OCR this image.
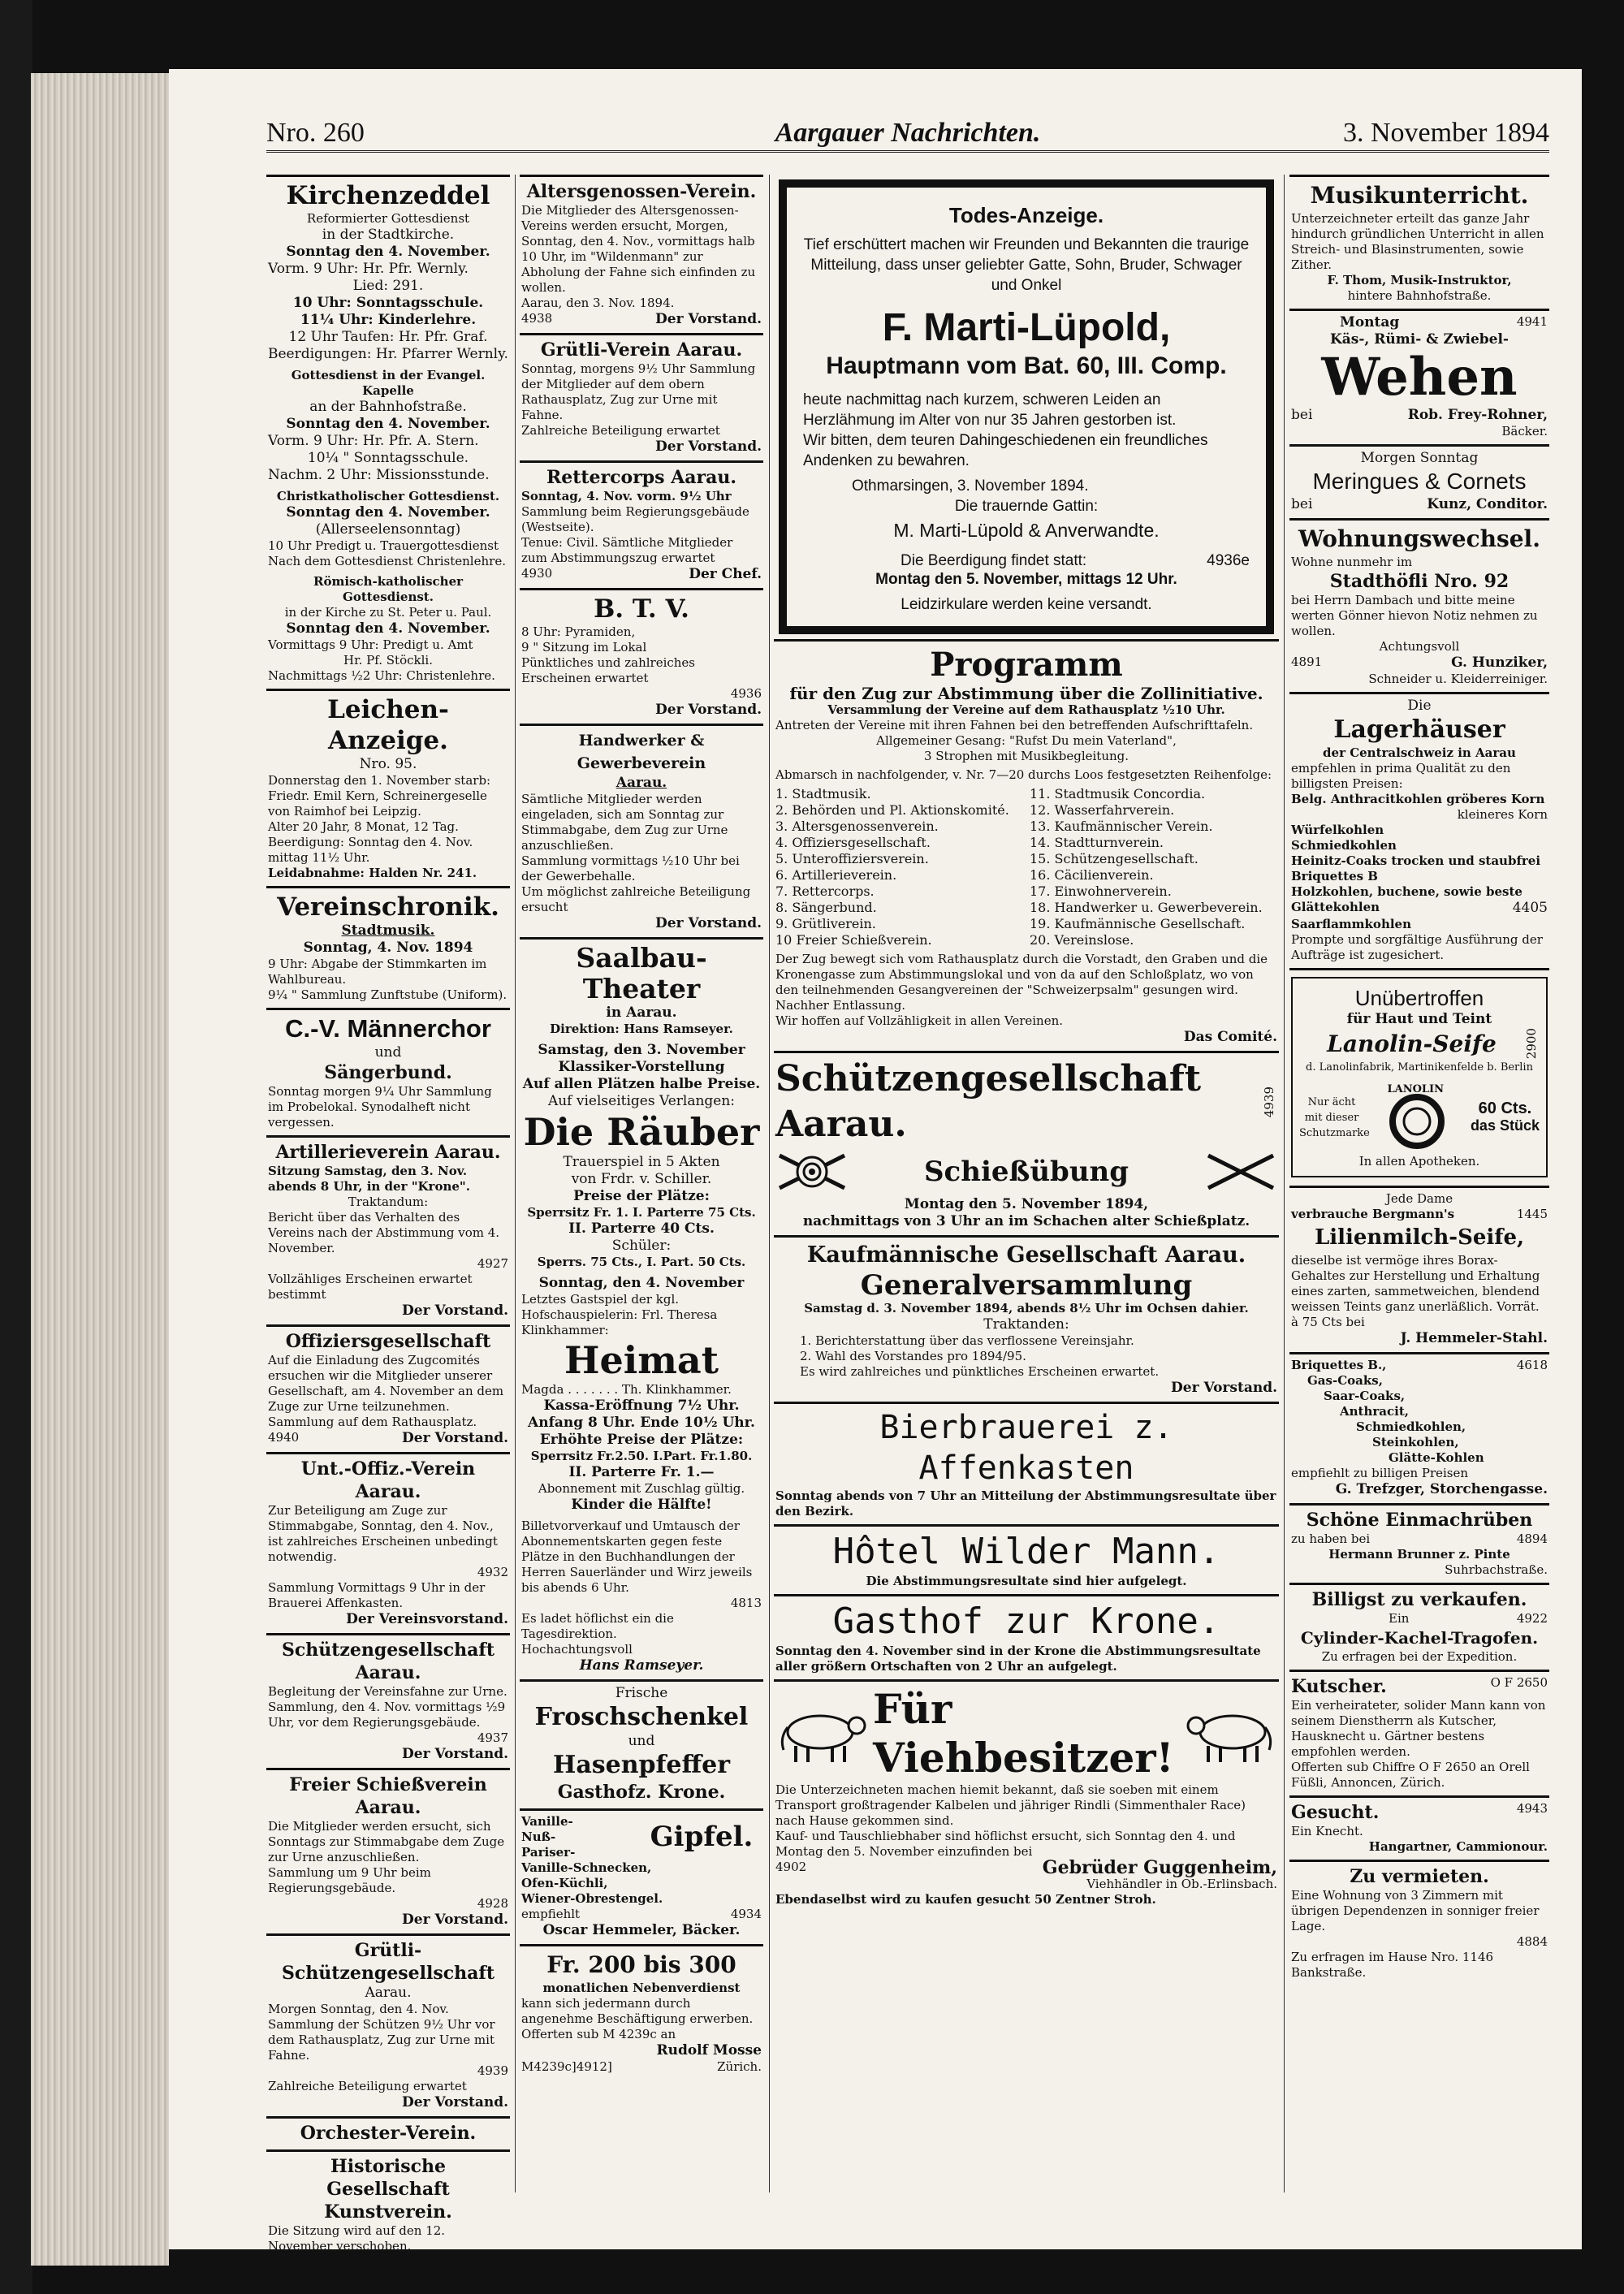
Nro. 260	Aargauer Nachrichten.	3. November 1894
Kirchenzeddel

Reformierter Gottesdienst

in der Stadtkirche.

Sonntag den 4. November.

Vorm. 9 Uhr: Hr. Pfr. Wernly.

Lied: 291.

10 Uhr: Sonntagsschule.

11¼ Uhr: Kinderlehre.

12 Uhr Taufen: Hr. Pfr. Graf.

Beerdigungen: Hr. Pfarrer Wernly.

Gottesdienst in der Evangel. Kapelle

an der Bahnhofstraße.

Sonntag den 4. November.

Vorm. 9 Uhr: Hr. Pfr. A. Stern.

10¼ " Sonntagsschule.

Nachm. 2 Uhr: Missionsstunde.

Christkatholischer Gottesdienst.

Sonntag den 4. November.

(Allerseelensonntag)

10 Uhr Predigt u. Trauergottesdienst

Nach dem Gottesdienst Christenlehre.

Römisch-katholischer Gottesdienst.

in der Kirche zu St. Peter u. Paul.

Sonntag den 4. November.

Vormittags 9 Uhr: Predigt u. Amt

Hr. Pf. Stöckli.

Nachmittags ½2 Uhr: Christenlehre.

Leichen-Anzeige.

Nro. 95.

Donnerstag den 1. November starb:

Friedr. Emil Kern, Schreinergeselle von Raimhof bei Leipzig.

Alter 20 Jahr, 8 Monat, 12 Tag.

Beerdigung: Sonntag den 4. Nov. mittag 11½ Uhr.

Leidabnahme: Halden Nr. 241.

Vereinschronik.

Stadtmusik.

Sonntag, 4. Nov. 1894

9 Uhr: Abgabe der Stimmkarten im Wahlbureau.

9¼ " Sammlung Zunftstube (Uniform).

C.-V. Männerchor

und

Sängerbund.

Sonntag morgen 9¼ Uhr Sammlung im Probelokal. Synodalheft nicht vergessen.

Artillerieverein Aarau.

Sitzung Samstag, den 3. Nov. abends 8 Uhr, in der "Krone".

Traktandum:

Bericht über das Verhalten des Vereins nach der Abstimmung vom 4. November.

4927

Vollzähliges Erscheinen erwartet bestimmt

Der Vorstand.

Offiziersgesellschaft

Auf die Einladung des Zugcomités ersuchen wir die Mitglieder unserer Gesellschaft, am 4. November an dem Zuge zur Urne teilzunehmen. Sammlung auf dem Rathausplatz.

4940	Der Vorstand.
Unt.-Offiz.-Verein Aarau.

Zur Beteiligung am Zuge zur Stimmabgabe, Sonntag, den 4. Nov., ist zahlreiches Erscheinen unbedingt notwendig.

4932

Sammlung Vormittags 9 Uhr in der Brauerei Affenkasten.

Der Vereinsvorstand.

Schützengesellschaft Aarau.

Begleitung der Vereinsfahne zur Urne. Sammlung, den 4. Nov. vormittags ½9 Uhr, vor dem Regierungsgebäude.

4937

Der Vorstand.

Freier Schießverein Aarau.

Die Mitglieder werden ersucht, sich Sonntags zur Stimmabgabe dem Zuge zur Urne anzuschließen.

Sammlung um 9 Uhr beim Regierungsgebäude.

4928

Der Vorstand.

Grütli-Schützengesellschaft

Aarau.

Morgen Sonntag, den 4. Nov. Sammlung der Schützen 9½ Uhr vor dem Rathausplatz, Zug zur Urne mit Fahne.

4939

Zahlreiche Beteiligung erwartet

Der Vorstand.

Orchester-Verein.
Historische Gesellschaft
Kunstverein.

Die Sitzung wird auf den 12. November verschoben.

Altersgenossen-Verein.

Die Mitglieder des Altersgenossen-Vereins werden ersucht, Morgen, Sonntag, den 4. Nov., vormittags halb 10 Uhr, im "Wildenmann" zur Abholung der Fahne sich einfinden zu wollen.

Aarau, den 3. Nov. 1894.

4938	Der Vorstand.
Grütli-Verein Aarau.

Sonntag, morgens 9½ Uhr Sammlung der Mitglieder auf dem obern Rathausplatz, Zug zur Urne mit Fahne.

Zahlreiche Beteiligung erwartet

Der Vorstand.

Rettercorps Aarau.

Sonntag, 4. Nov. vorm. 9½ Uhr

Sammlung beim Regierungsgebäude (Westseite).

Tenue: Civil. Sämtliche Mitglieder zum Abstimmungszug erwartet

4930	Der Chef.
B. T. V.

8 Uhr: Pyramiden,

9 " Sitzung im Lokal

Pünktliches und zahlreiches Erscheinen erwartet

4936

Der Vorstand.

Handwerker & Gewerbeverein

Aarau.

Sämtliche Mitglieder werden eingeladen, sich am Sonntag zur Stimmabgabe, dem Zug zur Urne anzuschließen.

Sammlung vormittags ½10 Uhr bei der Gewerbehalle.

Um möglichst zahlreiche Beteiligung ersucht

Der Vorstand.

Saalbau-Theater

in Aarau.

Direktion: Hans Ramseyer.

Samstag, den 3. November

Klassiker-Vorstellung

Auf allen Plätzen halbe Preise.

Auf vielseitiges Verlangen:

Die Räuber

Trauerspiel in 5 Akten

von Frdr. v. Schiller.

Preise der Plätze:

Sperrsitz Fr. 1. I. Parterre 75 Cts.

II. Parterre 40 Cts.

Schüler:

Sperrs. 75 Cts., I. Part. 50 Cts.

Sonntag, den 4. November

Letztes Gastspiel der kgl. Hofschauspielerin: Frl. Theresa Klinkhammer:

Heimat

Magda . . . . . . . Th. Klinkhammer.

Kassa-Eröffnung 7½ Uhr.

Anfang 8 Uhr. Ende 10½ Uhr.

Erhöhte Preise der Plätze:

Sperrsitz Fr.2.50. I.Part. Fr.1.80.

II. Parterre Fr. 1.—

Abonnement mit Zuschlag gültig.

Kinder die Hälfte!

Billetvorverkauf und Umtausch der Abonnementskarten gegen feste Plätze in den Buchhandlungen der Herren Sauerländer und Wirz jeweils bis abends 6 Uhr.

4813

Es ladet höflichst ein die Tagesdirektion.

Hochachtungsvoll

Hans Ramseyer.

Frische

Froschschenkel

und

Hasenpfeffer
Gasthofz. Krone.

Vanille-

Nuß-

Pariser-	Gipfel.

Vanille-Schnecken,

Ofen-Küchli,

Wiener-Obrestengel.

empfiehlt	4934

Oscar Hemmeler, Bäcker.

Fr. 200 bis 300

monatlichen Nebenverdienst

kann sich jedermann durch angenehme Beschäftigung erwerben. Offerten sub M 4239c an

Rudolf Mosse

M4239c]4912]	Zürich.
Todes-Anzeige.

Tief erschüttert machen wir Freunden und Bekannten die traurige Mitteilung, dass unser geliebter Gatte, Sohn, Bruder, Schwager und Onkel

F. Marti-Lüpold,
Hauptmann vom Bat. 60, III. Comp.

heute nachmittag nach kurzem, schweren Leiden an Herzlähmung im Alter von nur 35 Jahren gestorben ist.

Wir bitten, dem teuren Dahingeschiedenen ein freundliches Andenken zu bewahren.

Othmarsingen, 3. November 1894.

Die trauernde Gattin:

M. Marti-Lüpold & Anverwandte.

Die Beerdigung findet statt:	4936e

Montag den 5. November, mittags 12 Uhr.

Leidzirkulare werden keine versandt.

Programm

für den Zug zur Abstimmung über die Zollinitiative.

Versammlung der Vereine auf dem Rathausplatz ½10 Uhr.

Antreten der Vereine mit ihren Fahnen bei den betreffenden Aufschrifttafeln.

Allgemeiner Gesang: "Rufst Du mein Vaterland",

3 Strophen mit Musikbegleitung.

Abmarsch in nachfolgender, v. Nr. 7—20 durchs Loos festgesetzten Reihenfolge:

1. Stadtmusik.	11. Stadtmusik Concordia.
2. Behörden und Pl. Aktionskomité.	12. Wasserfahrverein.
3. Altersgenossenverein.	13. Kaufmännischer Verein.
4. Offiziersgesellschaft.	14. Stadtturnverein.
5. Unteroffiziersverein.	15. Schützengesellschaft.
6. Artillerieverein.	16. Cäcilienverein.
7. Rettercorps.	17. Einwohnerverein.
8. Sängerbund.	18. Handwerker u. Gewerbeverein.
9. Grütliverein.	19. Kaufmännische Gesellschaft.
10 Freier Schießverein.	20. Vereinslose.

Der Zug bewegt sich vom Rathausplatz durch die Vorstadt, den Graben und die Kronengasse zum Abstimmungslokal und von da auf den Schloßplatz, wo von den teilnehmenden Gesangvereinen der "Schweizerpsalm" gesungen wird. Nachher Entlassung.

Wir hoffen auf Vollzähligkeit in allen Vereinen.

Das Comité.

Schützengesellschaft Aarau.
4939
Schießübung

Montag den 5. November 1894,

nachmittags von 3 Uhr an im Schachen alter Schießplatz.

Kaufmännische Gesellschaft Aarau.
Generalversammlung

Samstag d. 3. November 1894, abends 8½ Uhr im Ochsen dahier.

Traktanden:

1. Berichterstattung über das verflossene Vereinsjahr.

2. Wahl des Vorstandes pro 1894/95.

Es wird zahlreiches und pünktliches Erscheinen erwartet.

Der Vorstand.

Bierbrauerei z. Affenkasten

Sonntag abends von 7 Uhr an Mitteilung der Abstimmungsresultate über den Bezirk.

Hôtel Wilder Mann.

Die Abstimmungsresultate sind hier aufgelegt.

Gasthof zur Krone.

Sonntag den 4. November sind in der Krone die Abstimmungsresultate aller größern Ortschaften von 2 Uhr an aufgelegt.

Für Viehbesitzer!

Die Unterzeichneten machen hiemit bekannt, daß sie soeben mit einem Transport großtragender Kalbelen und jähriger Rindli (Simmenthaler Race) nach Hause gekommen sind.

Kauf- und Tauschliebhaber sind höflichst ersucht, sich Sonntag den 4. und Montag den 5. November einzufinden bei

4902	Gebrüder Guggenheim,

Viehhändler in Ob.-Erlinsbach.

Ebendaselbst wird zu kaufen gesucht 50 Zentner Stroh.

Musikunterricht.

Unterzeichneter erteilt das ganze Jahr hindurch gründlichen Unterricht in allen Streich- und Blasinstrumenten, sowie Zither.

F. Thom, Musik-Instruktor,

hintere Bahnhofstraße.

Montag	4941

Käs-, Rümi- & Zwiebel-

Wehen
bei	Rob. Frey-Rohner,

Bäcker.

Morgen Sonntag

Meringues & Cornets
bei	Kunz, Conditor.
Wohnungswechsel.

Wohne nunmehr im

Stadthöfli Nro. 92

bei Herrn Dambach und bitte meine werten Gönner hievon Notiz nehmen zu wollen.

Achtungsvoll

4891	G. Hunziker,

Schneider u. Kleiderreiniger.

Die

Lagerhäuser

der Centralschweiz in Aarau

empfehlen in prima Qualität zu den billigsten Preisen:

Belg. Anthracitkohlen gröberes Korn

kleineres Korn

Würfelkohlen

Schmiedkohlen

Heinitz-Coaks trocken und staubfrei

Briquettes B

Holzkohlen, buchene, sowie beste

Glättekohlen	4405

Saarflammkohlen

Prompte und sorgfältige Ausführung der Aufträge ist zugesichert.

Unübertroffen

für Haut und Teint

Lanolin-Seife	2900

d. Lanolinfabrik, Martinikenfelde b. Berlin

Nur ächt mit dieser Schutzmarke

LANOLIN

60 Cts.

das Stück

In allen Apotheken.

Jede Dame

verbrauche Bergmann's	1445
Lilienmilch-Seife,

dieselbe ist vermöge ihres Borax-Gehaltes zur Herstellung und Erhaltung eines zarten, sammetweichen, blendend weissen Teints ganz unerläßlich. Vorrät. à 75 Cts bei

J. Hemmeler-Stahl.

Briquettes B.,	4618

Gas-Coaks,

Saar-Coaks,

Anthracit,

Schmiedkohlen,

Steinkohlen,

Glätte-Kohlen

empfiehlt zu billigen Preisen

G. Trefzger, Storchengasse.

Schöne Einmachrüben
zu haben bei	4894

Hermann Brunner z. Pinte

Suhrbachstraße.

Billigst zu verkaufen.
Ein	4922
Cylinder-Kachel-Tragofen.

Zu erfragen bei der Expedition.

Kutscher.	O F 2650

Ein verheirateter, solider Mann kann von seinem Dienstherrn als Kutscher, Hausknecht u. Gärtner bestens empfohlen werden.

Offerten sub Chiffre O F 2650 an Orell Füßli, Annoncen, Zürich.

Gesucht.	4943

Ein Knecht.

Hangartner, Cammionour.

Zu vermieten.

Eine Wohnung von 3 Zimmern mit übrigen Dependenzen in sonniger freier Lage.

4884

Zu erfragen im Hause Nro. 1146 Bankstraße.
